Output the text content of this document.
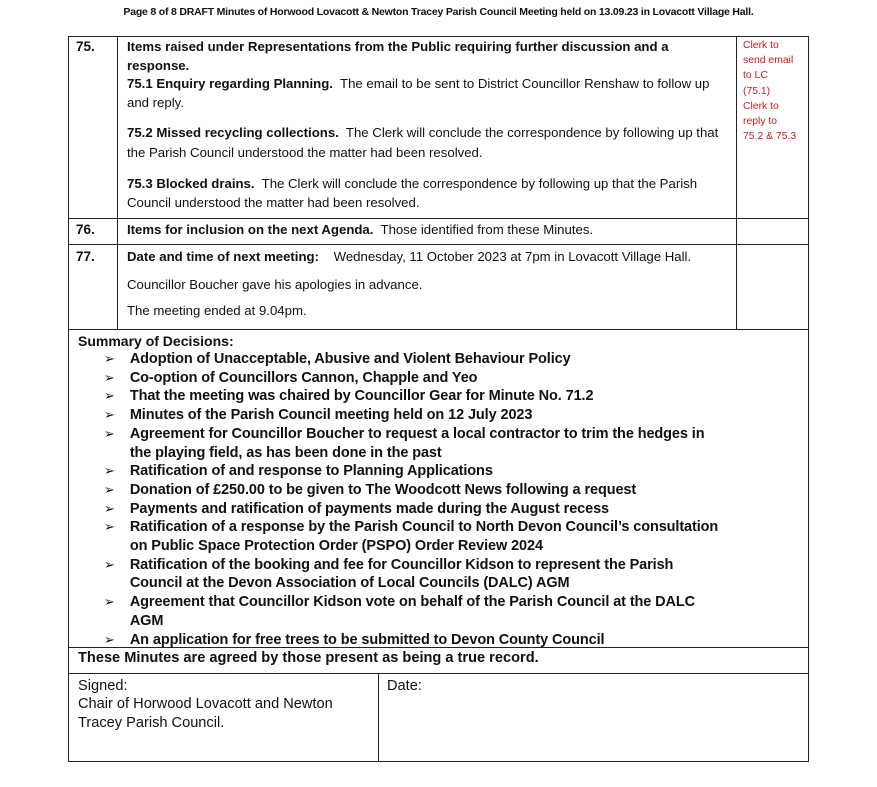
Page 8 of 8 DRAFT Minutes of Horwood Lovacott & Newton Tracey Parish Council Meeting held on 13.09.23 in Lovacott Village Hall.
75. Items raised under Representations from the Public requiring further discussion and a
response.
75.1 Enquiry regarding Planning. The email to be sent to District Councillor Renshaw to follow up
and reply.
75.2 Missed recycling collections. The Clerk will conclude the correspondence by following up that
the Parish Council understood the matter had been resolved.
75.3 Blocked drains. The Clerk will conclude the correspondence by following up that the Parish
Council understood the matter had been resolved.
Clerk to
send email
to LC
(75.1)
Clerk to
reply to
75.2 & 75.3
76. Items for inclusion on the next Agenda. Those identified from these Minutes.
77. Date and time of next meeting: Wednesday, 11 October 2023 at 7pm in Lovacott Village Hall.
Councillor Boucher gave his apologies in advance.
The meeting ended at 9.04pm.
Summary of Decisions:
➢ Adoption of Unacceptable, Abusive and Violent Behaviour Policy
➢ Co-option of Councillors Cannon, Chapple and Yeo
➢ That the meeting was chaired by Councillor Gear for Minute No. 71.2
➢ Minutes of the Parish Council meeting held on 12 July 2023
➢ Agreement for Councillor Boucher to request a local contractor to trim the hedges in
the playing field, as has been done in the past
➢ Ratification of and response to Planning Applications
➢ Donation of £250.00 to be given to The Woodcott News following a request
➢ Payments and ratification of payments made during the August recess
➢ Ratification of a response by the Parish Council to North Devon Council’s consultation
on Public Space Protection Order (PSPO) Order Review 2024
➢ Ratification of the booking and fee for Councillor Kidson to represent the Parish
Council at the Devon Association of Local Councils (DALC) AGM
➢ Agreement that Councillor Kidson vote on behalf of the Parish Council at the DALC
AGM
➢ An application for free trees to be submitted to Devon County Council
These Minutes are agreed by those present as being a true record.
Signed:
Chair of Horwood Lovacott and Newton
Tracey Parish Council.
Date:
